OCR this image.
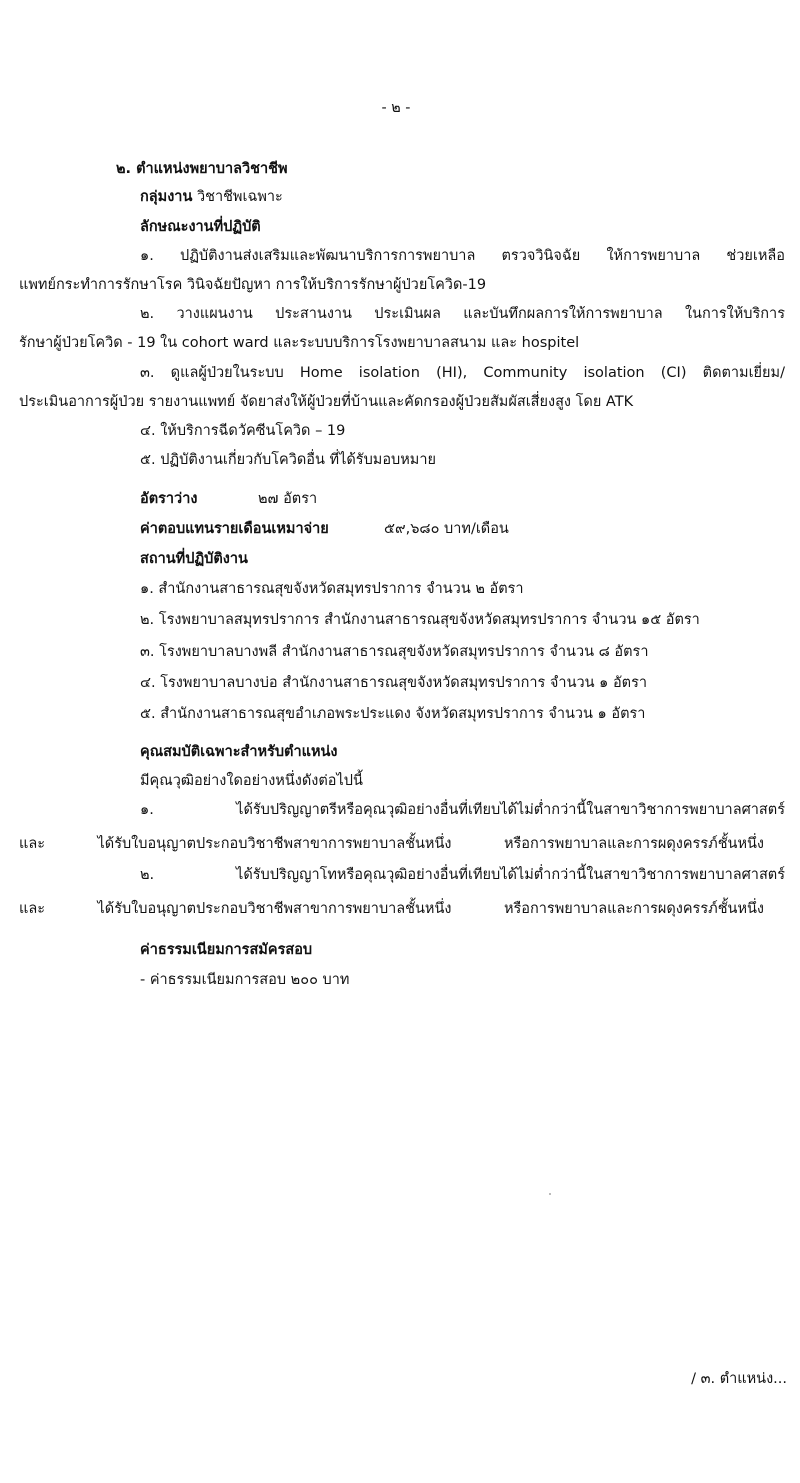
- ๒ -
๒. ตำแหน่งพยาบาลวิชาชีพ
กลุ่มงาน วิชาชีพเฉพาะ
ลักษณะงานที่ปฏิบัติ
๑. ปฏิบัติงานส่งเสริมและพัฒนาบริการการพยาบาล ตรวจวินิจฉัย ให้การพยาบาล ช่วยเหลือ
แพทย์กระทำการรักษาโรค วินิจฉัยปัญหา การให้บริการรักษาผู้ป่วยโควิด-19
๒. วางแผนงาน ประสานงาน ประเมินผล และบันทึกผลการให้การพยาบาล ในการให้บริการ
รักษาผู้ป่วยโควิด - 19 ใน cohort ward และระบบบริการโรงพยาบาลสนาม และ hospitel
๓. ดูแลผู้ป่วยในระบบ Home isolation (HI), Community isolation (CI) ติดตามเยี่ยม/
ประเมินอาการผู้ป่วย รายงานแพทย์ จัดยาส่งให้ผู้ป่วยที่บ้านและคัดกรองผู้ป่วยสัมผัสเสี่ยงสูง โดย ATK
๔. ให้บริการฉีดวัคซีนโควิด – 19
๕. ปฏิบัติงานเกี่ยวกับโควิดอื่น ที่ได้รับมอบหมาย
อัตราว่าง	๒๗ อัตรา
ค่าตอบแทนรายเดือนเหมาจ่าย	๕๙,๖๘๐ บาท/เดือน
สถานที่ปฏิบัติงาน
๑. สำนักงานสาธารณสุขจังหวัดสมุทรปราการ จำนวน ๒ อัตรา
๒. โรงพยาบาลสมุทรปราการ สำนักงานสาธารณสุขจังหวัดสมุทรปราการ จำนวน ๑๕ อัตรา
๓. โรงพยาบาลบางพลี สำนักงานสาธารณสุขจังหวัดสมุทรปราการ จำนวน ๘ อัตรา
๔. โรงพยาบาลบางบ่อ สำนักงานสาธารณสุขจังหวัดสมุทรปราการ จำนวน ๑ อัตรา
๕. สำนักงานสาธารณสุขอำเภอพระประแดง จังหวัดสมุทรปราการ จำนวน ๑ อัตรา
คุณสมบัติเฉพาะสำหรับตำแหน่ง
มีคุณวุฒิอย่างใดอย่างหนึ่งดังต่อไปนี้
๑. ได้รับปริญญาตรีหรือคุณวุฒิอย่างอื่นที่เทียบได้ไม่ต่ำกว่านี้ในสาขาวิชาการพยาบาลศาสตร์
และ ได้รับใบอนุญาตประกอบวิชาชีพสาขาการพยาบาลชั้นหนึ่ง หรือการพยาบาลและการผดุงครรภ์ชั้นหนึ่ง
๒. ได้รับปริญญาโทหรือคุณวุฒิอย่างอื่นที่เทียบได้ไม่ต่ำกว่านี้ในสาขาวิชาการพยาบาลศาสตร์
และ ได้รับใบอนุญาตประกอบวิชาชีพสาขาการพยาบาลชั้นหนึ่ง หรือการพยาบาลและการผดุงครรภ์ชั้นหนึ่ง
ค่าธรรมเนียมการสมัครสอบ
- ค่าธรรมเนียมการสอบ ๒๐๐ บาท
/ ๓. ตำแหน่ง...
